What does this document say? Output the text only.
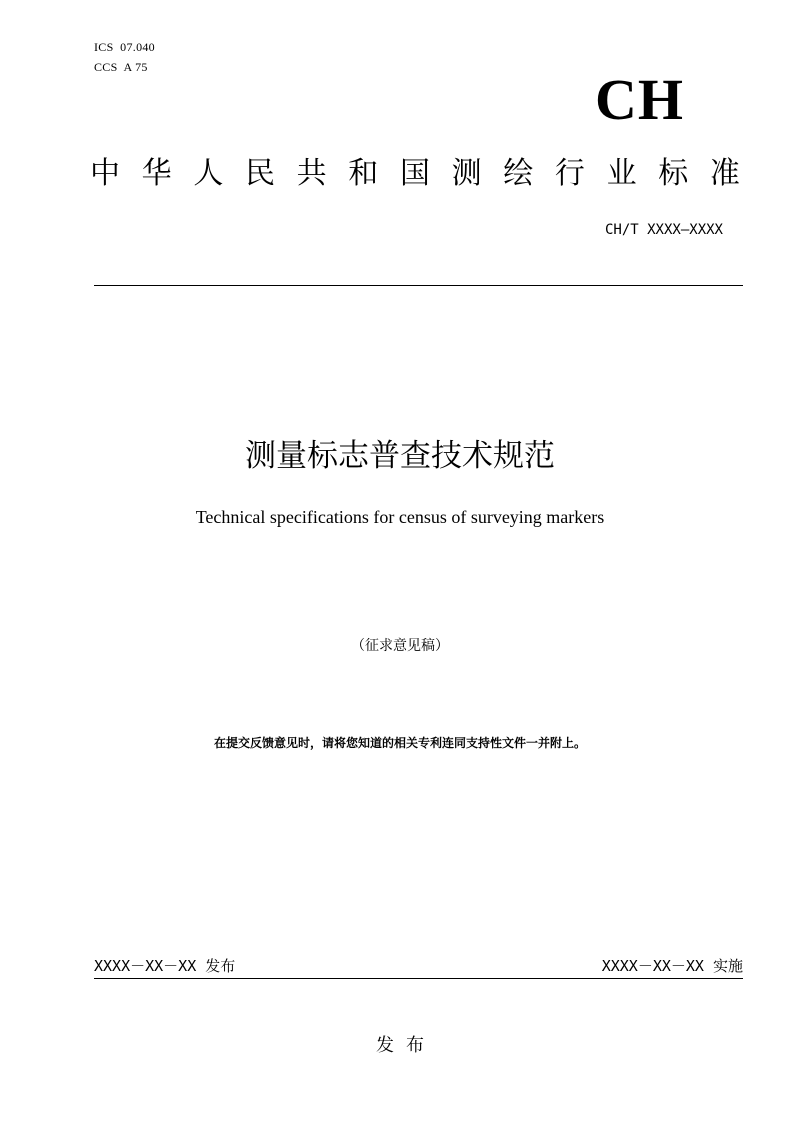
ICS  07.040
CCS  A 75	CH
中 华 人 民 共 和 国 测 绘 行 业 标 准
CH/T XXXX—XXXX
测量标志普查技术规范
Technical specifications for census of surveying markers
（征求意见稿）
在提交反馈意见时，请将您知道的相关专利连同支持性文件一并附上。
XXXX－XX－XX 发布	XXXX－XX－XX 实施
发布
